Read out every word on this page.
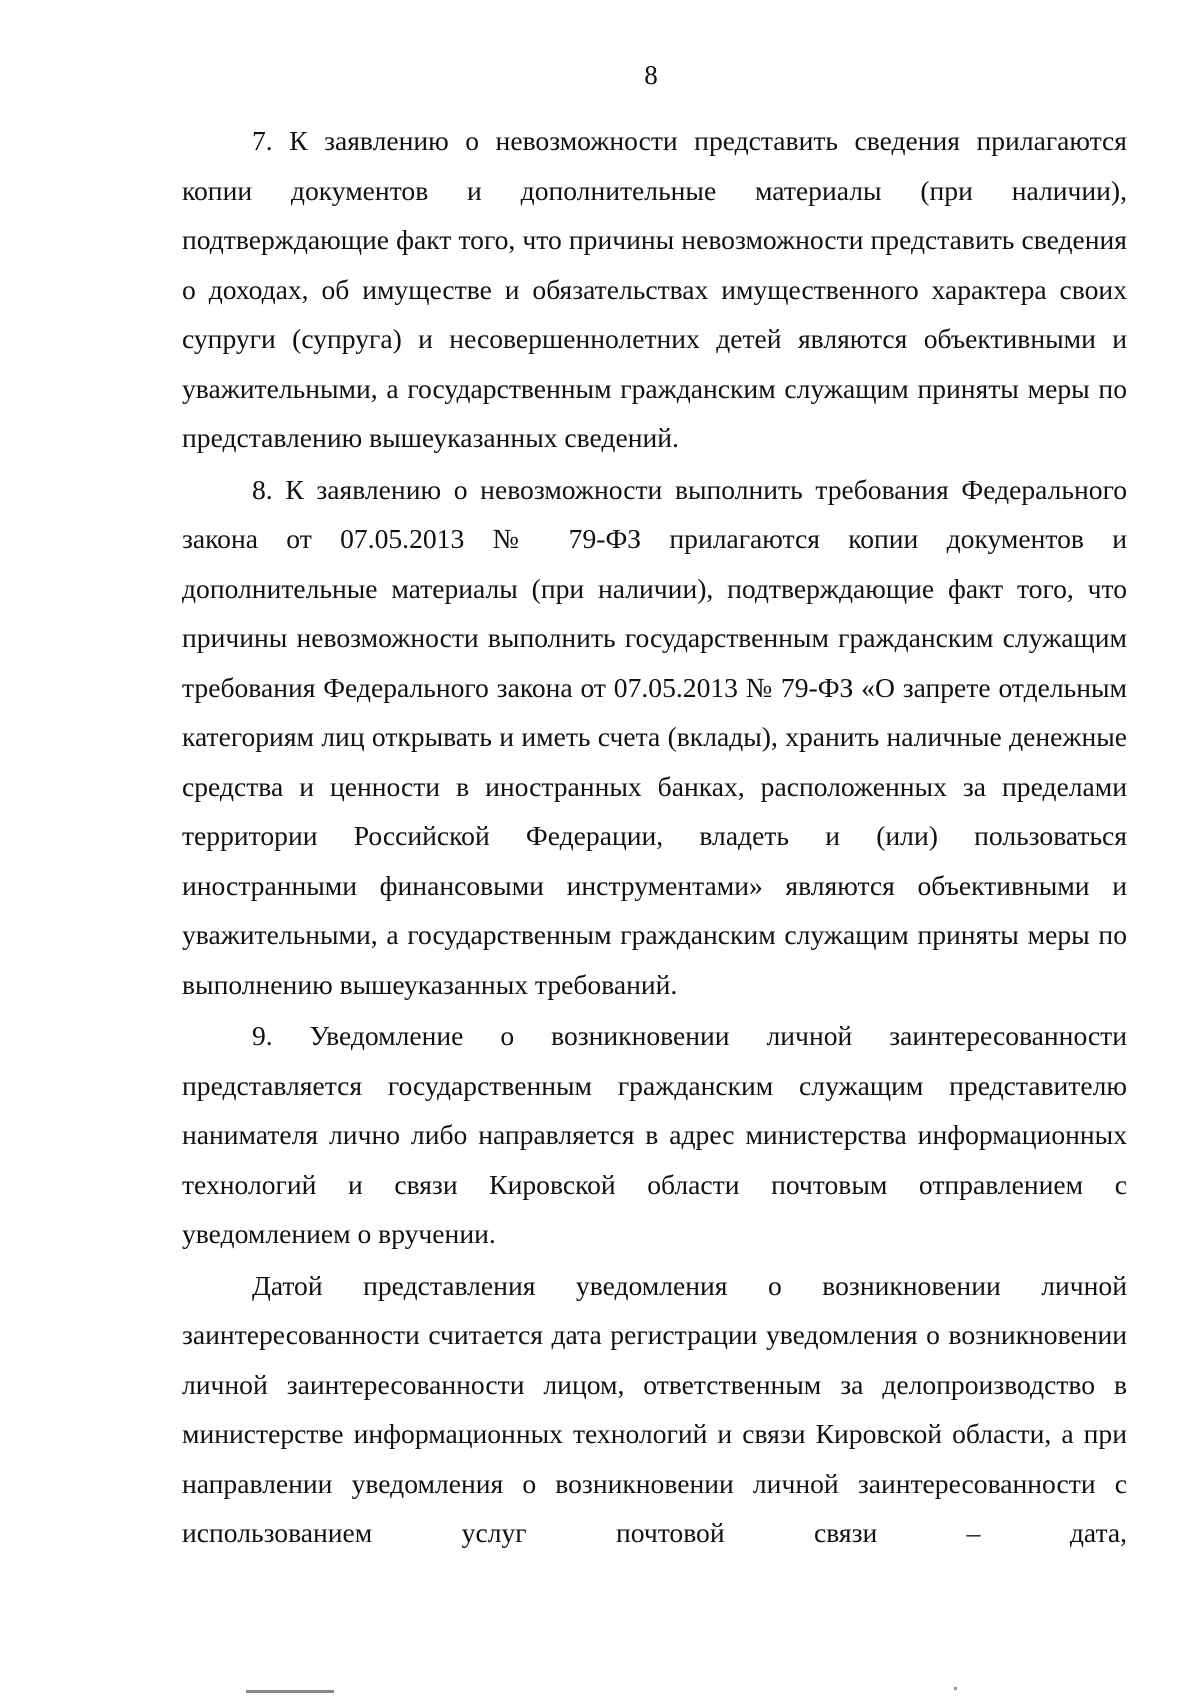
8

7. К заявлению о невозможности представить сведения прилагаются копии документов и дополнительные материалы (при наличии), подтверждающие факт того, что причины невозможности представить сведения о доходах, об имуществе и обязательствах имущественного характера своих супруги (супруга) и несовершеннолетних детей являются объективными и уважительными, а государственным гражданским служащим приняты меры по представлению вышеуказанных сведений.

8. К заявлению о невозможности выполнить требования Федерального закона от 07.05.2013 № 79-ФЗ прилагаются копии документов и дополнительные материалы (при наличии), подтверждающие факт того, что причины невозможности выполнить государственным гражданским служащим требования Федерального закона от 07.05.2013 № 79-ФЗ «О запрете отдельным категориям лиц открывать и иметь счета (вклады), хранить наличные денежные средства и ценности в иностранных банках, расположенных за пределами территории Российской Федерации, владеть и (или) пользоваться иностранными финансовыми инструментами» являются объективными и уважительными, а государственным гражданским служащим приняты меры по выполнению вышеуказанных требований.

9. Уведомление о возникновении личной заинтересованности представляется государственным гражданским служащим представителю нанимателя лично либо направляется в адрес министерства информационных технологий и связи Кировской области почтовым отправлением с уведомлением о вручении.

Датой представления уведомления о возникновении личной заинтересованности считается дата регистрации уведомления о возникновении личной заинтересованности лицом, ответственным за делопроизводство в министерстве информационных технологий и связи Кировской области, а при направлении уведомления о возникновении личной заинтересованности с использованием услуг почтовой связи – дата,
